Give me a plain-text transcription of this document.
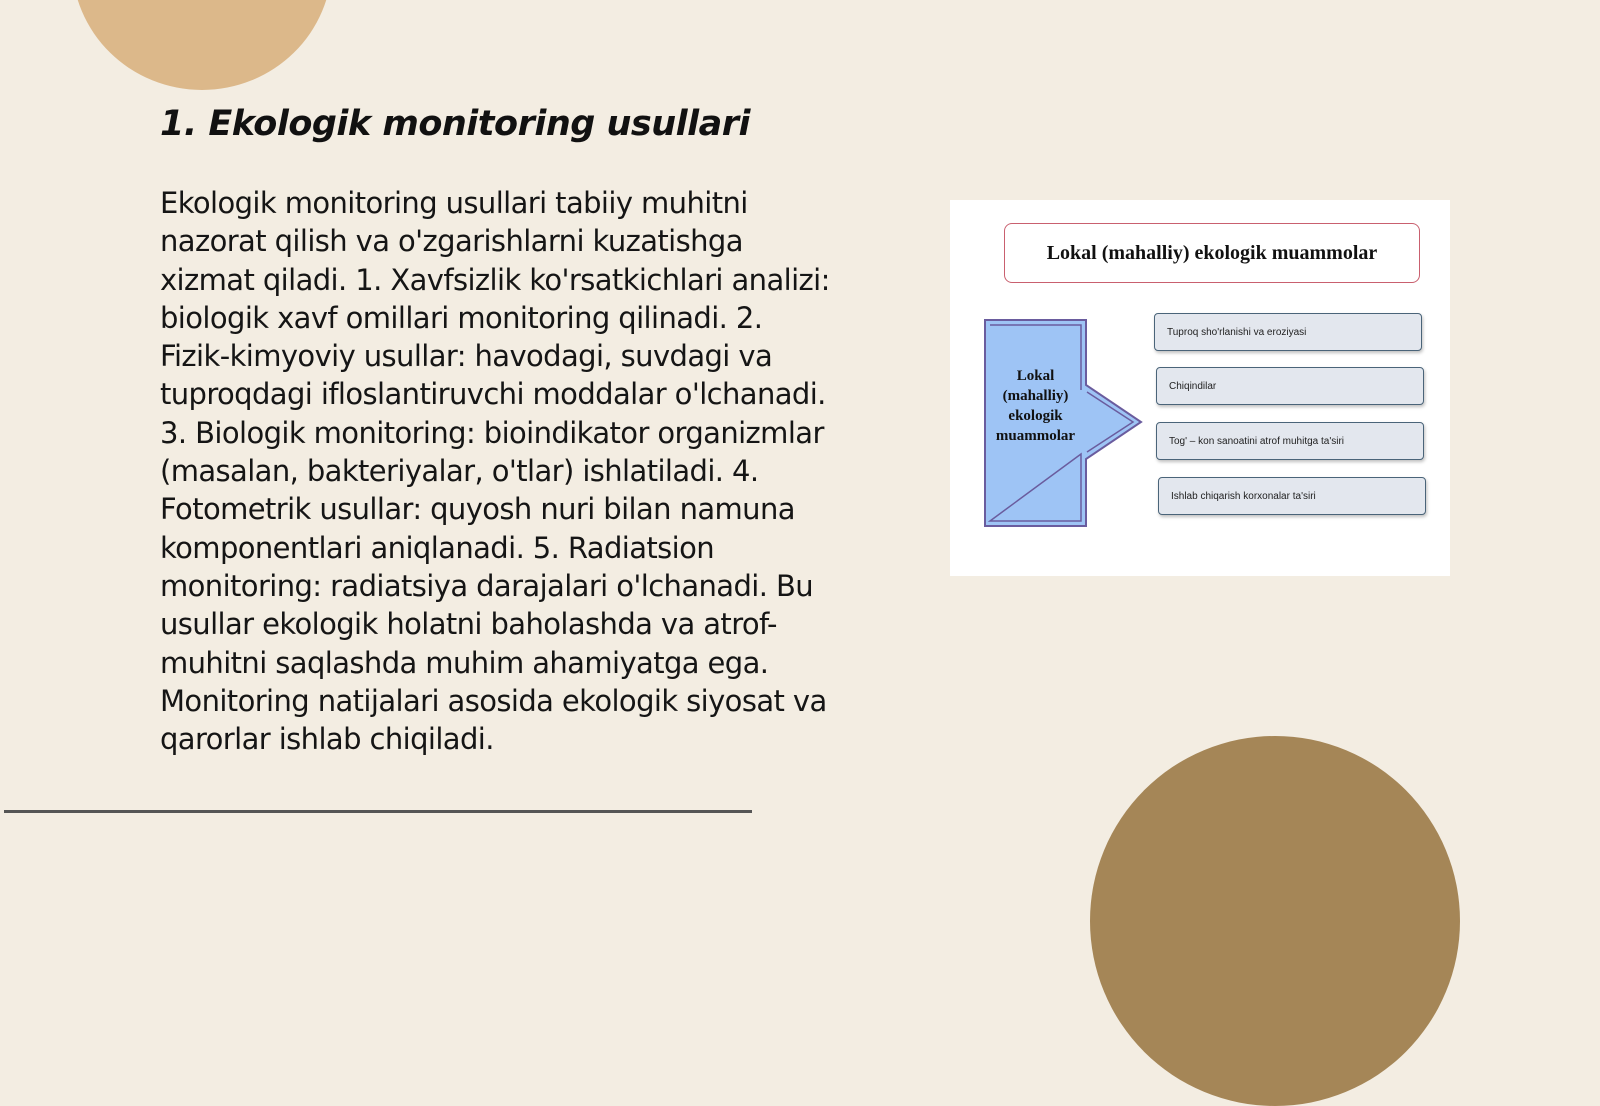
1. Ekologik monitoring usullari

Ekologik monitoring usullari tabiiy muhitni nazorat qilish va o'zgarishlarni kuzatishga xizmat qiladi. 1. Xavfsizlik ko'rsatkichlari analizi: biologik xavf omillari monitoring qilinadi. 2. Fizik-kimyoviy usullar: havodagi, suvdagi va tuproqdagi ifloslantiruvchi moddalar o'lchanadi. 3. Biologik monitoring: bioindikator organizmlar (masalan, bakteriyalar, o'tlar) ishlatiladi. 4. Fotometrik usullar: quyosh nuri bilan namuna komponentlari aniqlanadi. 5. Radiatsion monitoring: radiatsiya darajalari o'lchanadi. Bu usullar ekologik holatni baholashda va atrof-muhitni saqlashda muhim ahamiyatga ega. Monitoring natijalari asosida ekologik siyosat va qarorlar ishlab chiqiladi.

Lokal (mahalliy) ekologik muammolar
Lokal (mahalliy) ekologik muammolar
Tuproq sho'rlanishi va eroziyasi
Chiqindilar
Tog' – kon sanoatini atrof muhitga ta'siri
Ishlab chiqarish korxonalar ta'siri
